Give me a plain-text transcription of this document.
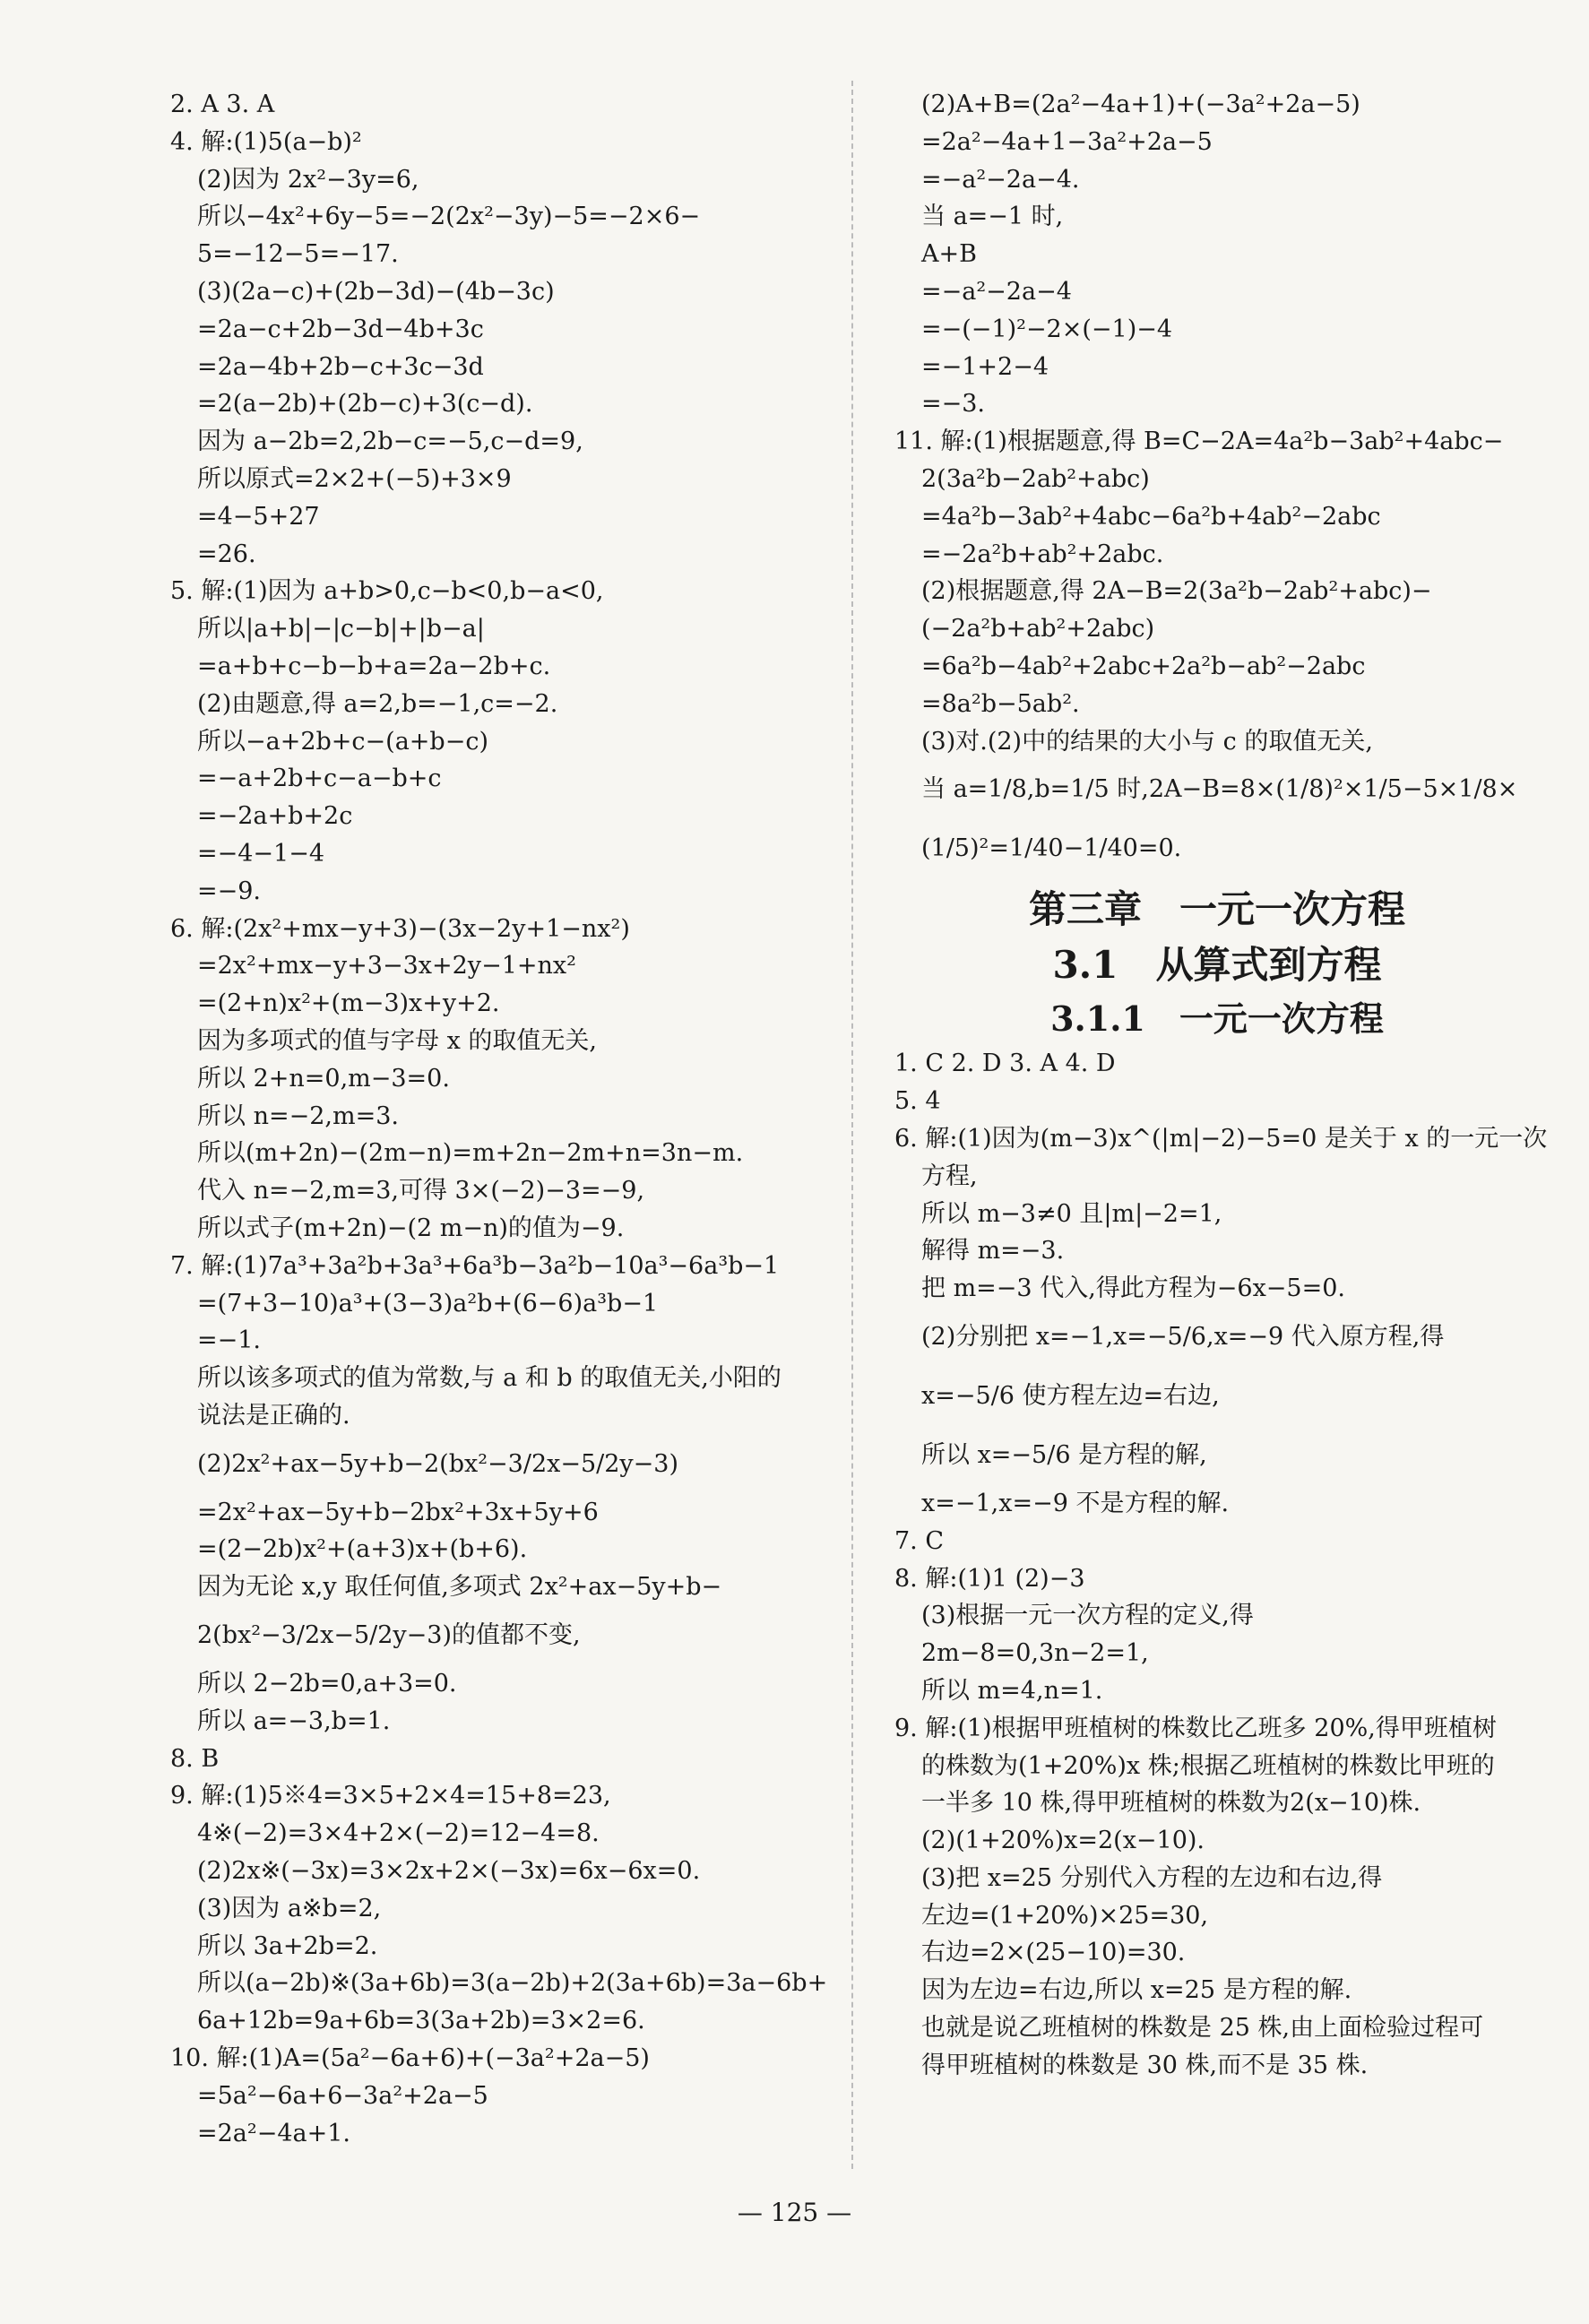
2. A 3. A
4. 解:(1)5(a−b)²
(2)因为 2x²−3y=6,
所以−4x²+6y−5=−2(2x²−3y)−5=−2×6−
5=−12−5=−17.
(3)(2a−c)+(2b−3d)−(4b−3c)
=2a−c+2b−3d−4b+3c
=2a−4b+2b−c+3c−3d
=2(a−2b)+(2b−c)+3(c−d).
因为 a−2b=2,2b−c=−5,c−d=9,
所以原式=2×2+(−5)+3×9
=4−5+27
=26.
5. 解:(1)因为 a+b>0,c−b<0,b−a<0,
所以|a+b|−|c−b|+|b−a|
=a+b+c−b−b+a=2a−2b+c.
(2)由题意,得 a=2,b=−1,c=−2.
所以−a+2b+c−(a+b−c)
=−a+2b+c−a−b+c
=−2a+b+2c
=−4−1−4
=−9.
6. 解:(2x²+mx−y+3)−(3x−2y+1−nx²)
=2x²+mx−y+3−3x+2y−1+nx²
=(2+n)x²+(m−3)x+y+2.
因为多项式的值与字母 x 的取值无关,
所以 2+n=0,m−3=0.
所以 n=−2,m=3.
所以(m+2n)−(2m−n)=m+2n−2m+n=3n−m.
代入 n=−2,m=3,可得 3×(−2)−3=−9,
所以式子(m+2n)−(2 m−n)的值为−9.
7. 解:(1)7a³+3a²b+3a³+6a³b−3a²b−10a³−6a³b−1
=(7+3−10)a³+(3−3)a²b+(6−6)a³b−1
=−1.
所以该多项式的值为常数,与 a 和 b 的取值无关,小阳的
说法是正确的.
(2)2x²+ax−5y+b−2(bx²−3/2x−5/2y−3)
=2x²+ax−5y+b−2bx²+3x+5y+6
=(2−2b)x²+(a+3)x+(b+6).
因为无论 x,y 取任何值,多项式 2x²+ax−5y+b−
2(bx²−3/2x−5/2y−3)的值都不变,
所以 2−2b=0,a+3=0.
所以 a=−3,b=1.
8. B
9. 解:(1)5※4=3×5+2×4=15+8=23,
4※(−2)=3×4+2×(−2)=12−4=8.
(2)2x※(−3x)=3×2x+2×(−3x)=6x−6x=0.
(3)因为 a※b=2,
所以 3a+2b=2.
所以(a−2b)※(3a+6b)=3(a−2b)+2(3a+6b)=3a−6b+
6a+12b=9a+6b=3(3a+2b)=3×2=6.
10. 解:(1)A=(5a²−6a+6)+(−3a²+2a−5)
=5a²−6a+6−3a²+2a−5
=2a²−4a+1.
(2)A+B=(2a²−4a+1)+(−3a²+2a−5)
=2a²−4a+1−3a²+2a−5
=−a²−2a−4.
当 a=−1 时,
A+B
=−a²−2a−4
=−(−1)²−2×(−1)−4
=−1+2−4
=−3.
11. 解:(1)根据题意,得 B=C−2A=4a²b−3ab²+4abc−
2(3a²b−2ab²+abc)
=4a²b−3ab²+4abc−6a²b+4ab²−2abc
=−2a²b+ab²+2abc.
(2)根据题意,得 2A−B=2(3a²b−2ab²+abc)−
(−2a²b+ab²+2abc)
=6a²b−4ab²+2abc+2a²b−ab²−2abc
=8a²b−5ab².
(3)对.(2)中的结果的大小与 c 的取值无关,
当 a=1/8,b=1/5 时,2A−B=8×(1/8)²×1/5−5×1/8×
(1/5)²=1/40−1/40=0.
第三章　一元一次方程
3.1　从算式到方程
3.1.1　一元一次方程
1. C 2. D 3. A 4. D
5. 4
6. 解:(1)因为(m−3)x^(|m|−2)−5=0 是关于 x 的一元一次
方程,
所以 m−3≠0 且|m|−2=1,
解得 m=−3.
把 m=−3 代入,得此方程为−6x−5=0.
(2)分别把 x=−1,x=−5/6,x=−9 代入原方程,得
x=−5/6 使方程左边=右边,
所以 x=−5/6 是方程的解,
x=−1,x=−9 不是方程的解.
7. C
8. 解:(1)1 (2)−3
(3)根据一元一次方程的定义,得
2m−8=0,3n−2=1,
所以 m=4,n=1.
9. 解:(1)根据甲班植树的株数比乙班多 20%,得甲班植树
的株数为(1+20%)x 株;根据乙班植树的株数比甲班的
一半多 10 株,得甲班植树的株数为2(x−10)株.
(2)(1+20%)x=2(x−10).
(3)把 x=25 分别代入方程的左边和右边,得
左边=(1+20%)×25=30,
右边=2×(25−10)=30.
因为左边=右边,所以 x=25 是方程的解.
也就是说乙班植树的株数是 25 株,由上面检验过程可
得甲班植树的株数是 30 株,而不是 35 株.
— 125 —
